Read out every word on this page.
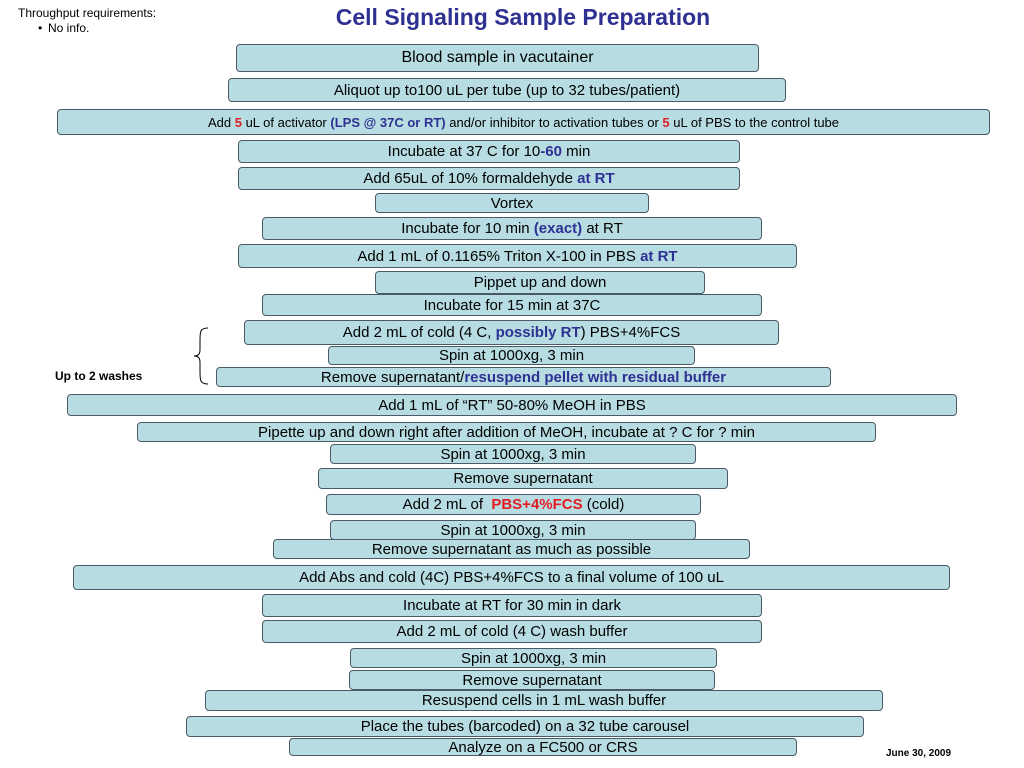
Cell Signaling Sample Preparation
Throughput requirements:
• No info.
Blood sample in vacutainer
Aliquot up to100 uL per tube (up to 32 tubes/patient)
Add 5 uL of activator (LPS @ 37C or RT) and/or inhibitor to activation tubes or 5 uL of PBS to the control tube
Incubate at 37 C for 10 -60 min
Add 65uL of 10% formaldehyde at RT
Vortex
Incubate for 10 min (exact) at RT
Add 1 mL of 0.1165% Triton X-100 in PBS at RT
Pippet up and down
Incubate for 15 min at 37C
Add 2 mL of cold (4 C, possibly RT ) PBS+4%FCS
Spin at 1000xg, 3 min
Remove supernatant/ resuspend pellet with residual buffer
Add 1 mL of “RT” 50-80% MeOH in PBS
Pipette up and down right after addition of MeOH, incubate at ? C for ? min
Spin at 1000xg, 3 min
Remove supernatant
Add 2 mL of PBS+4%FCS (cold)
Spin at 1000xg, 3 min
Remove supernatant as much as possible
Add Abs and cold (4C) PBS+4%FCS to a final volume of 100 uL
Incubate at RT for 30 min in dark
Add 2 mL of cold (4 C) wash buffer
Spin at 1000xg, 3 min
Remove supernatant
Resuspend cells in 1 mL wash buffer
Place the tubes (barcoded) on a 32 tube carousel
Analyze on a FC500 or CRS
Up to 2 washes
June 30, 2009
